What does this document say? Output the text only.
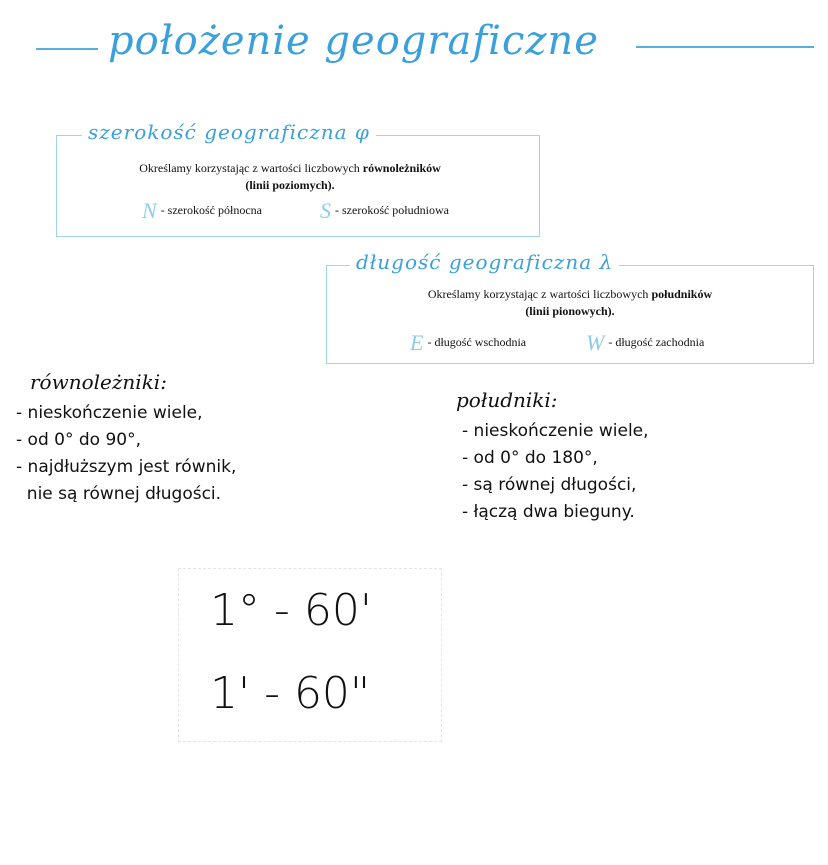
położenie geograficzne
szerokość geograficzna φ
Określamy korzystając z wartości liczbowych równoleżników
(linii poziomych).
N - szerokość północna	S - szerokość południowa
długość geograficzna λ
Określamy korzystając z wartości liczbowych południków
(linii pionowych).
E - długość wschodnia	W - długość zachodnia
równoleżniki:
- nieskończenie wiele,
- od 0° do 90°,
- najdłuższym jest równik,
nie są równej długości.
południki:
- nieskończenie wiele,
- od 0° do 180°,
- są równej długości,
- łączą dwa bieguny.
1° - 60'
1' - 60"
